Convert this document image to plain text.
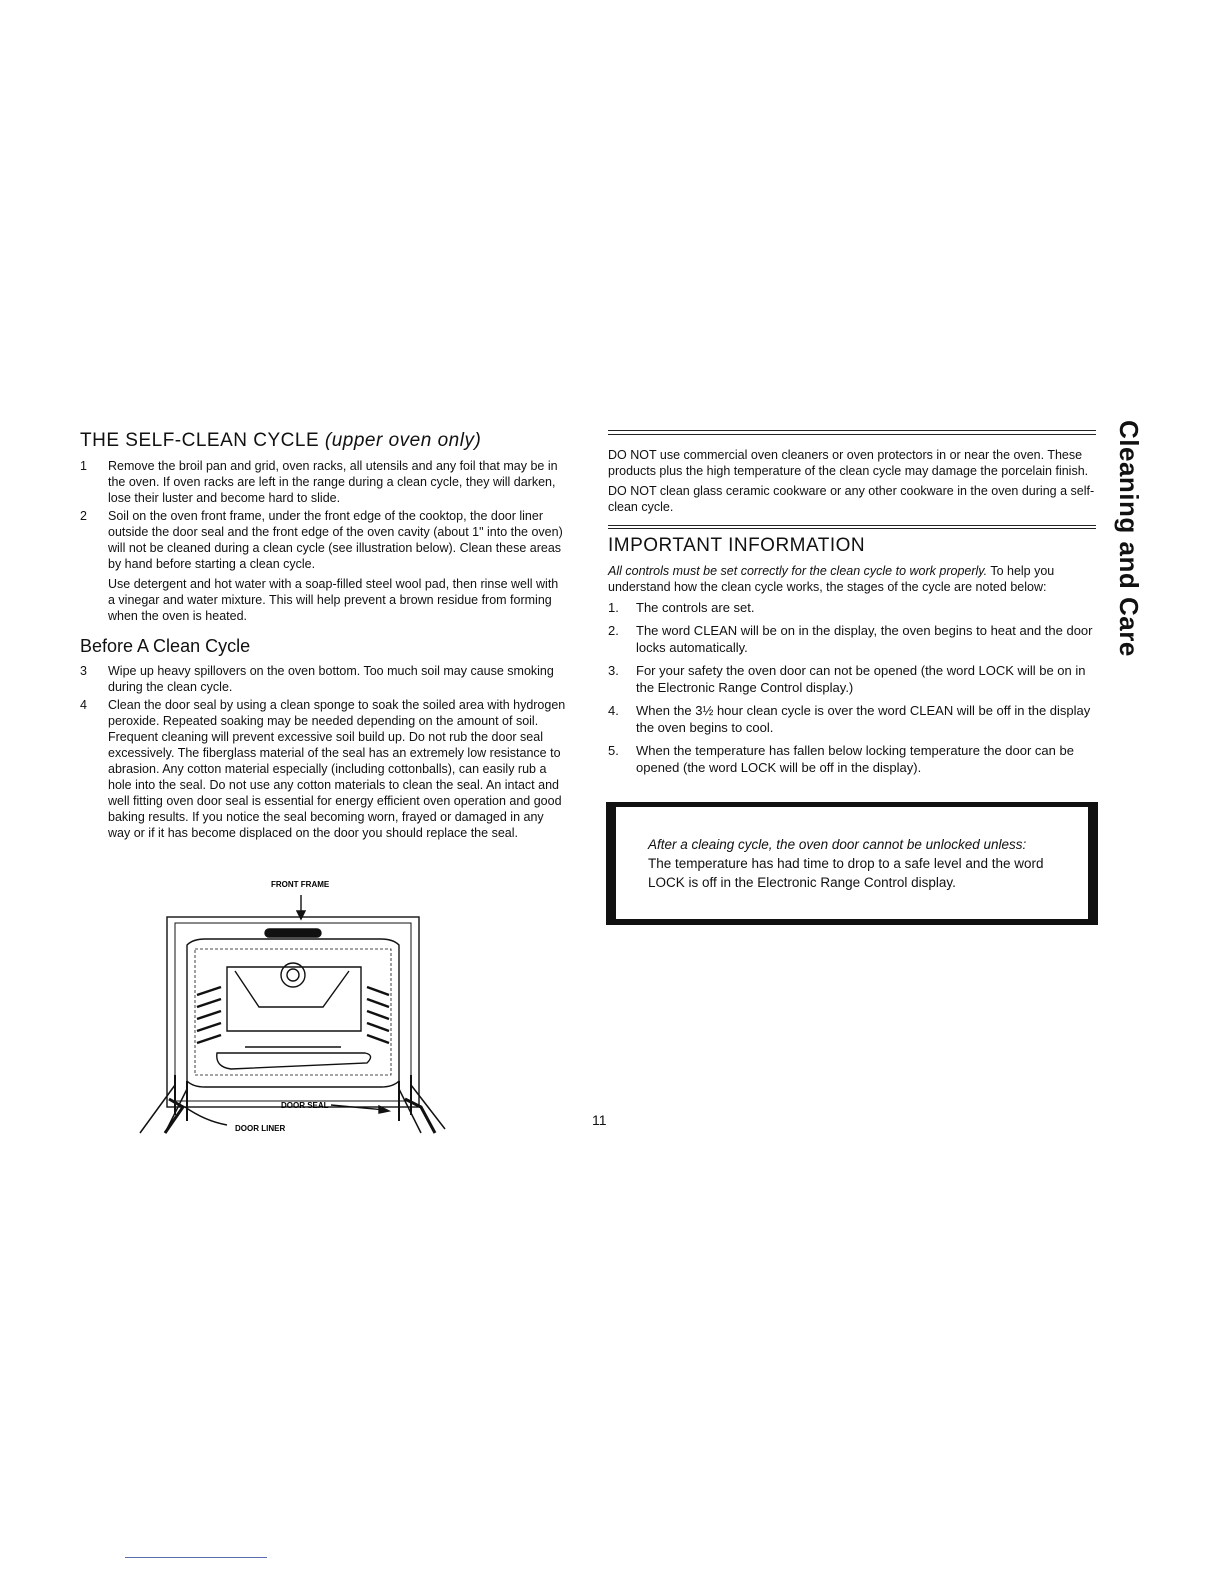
THE SELF-CLEAN CYCLE (upper oven only)
1	Remove the broil pan and grid, oven racks, all utensils and any foil that may be in the oven. If oven racks are left in the range during a clean cycle, they will darken, lose their luster and become hard to slide.
2	Soil on the oven front frame, under the front edge of the cooktop, the door liner outside the door seal and the front edge of the oven cavity (about 1" into the oven) will not be cleaned during a clean cycle (see illustration below). Clean these areas by hand before starting a clean cycle.

Use detergent and hot water with a soap-filled steel wool pad, then rinse well with a vinegar and water mixture. This will help prevent a brown residue from forming when the oven is heated.

Before A Clean Cycle
3	Wipe up heavy spillovers on the oven bottom. Too much soil may cause smoking during the clean cycle.
4	Clean the door seal by using a clean sponge to soak the soiled area with hydrogen peroxide. Repeated soaking may be needed depending on the amount of soil. Frequent cleaning will prevent excessive soil build up. Do not rub the door seal excessively. The fiberglass material of the seal has an extremely low resistance to abrasion. Any cotton material especially (including cottonballs), can easily rub a hole into the seal. Do not use any cotton materials to clean the seal. An intact and well fitting oven door seal is essential for energy efficient oven operation and good baking results. If you notice the seal becoming worn, frayed or damaged in any way or if it has become displaced on the door you should replace the seal.
FRONT FRAME
DOOR SEAL
DOOR LINER

DO NOT use commercial oven cleaners or oven protectors in or near the oven. These products plus the high temperature of the clean cycle may damage the porcelain finish.

DO NOT clean glass ceramic cookware or any other cookware in the oven during a self-clean cycle.

IMPORTANT INFORMATION

All controls must be set correctly for the clean cycle to work properly. To help you understand how the clean cycle works, the stages of the cycle are noted below:

1. The controls are set.
2. The word CLEAN will be on in the display, the oven begins to heat and the door locks automatically.
3. For your safety the oven door can not be opened (the word LOCK will be on in the Electronic Range Control display.)
4. When the 3½ hour clean cycle is over the word CLEAN will be off in the display the oven begins to cool.
5. When the temperature has fallen below locking temperature the door can be opened (the word LOCK will be off in the display).

After a cleaing cycle, the oven door cannot be unlocked unless:

The temperature has had time to drop to a safe level and the word LOCK is off in the Electronic Range Control display.

Cleaning and Care
11
